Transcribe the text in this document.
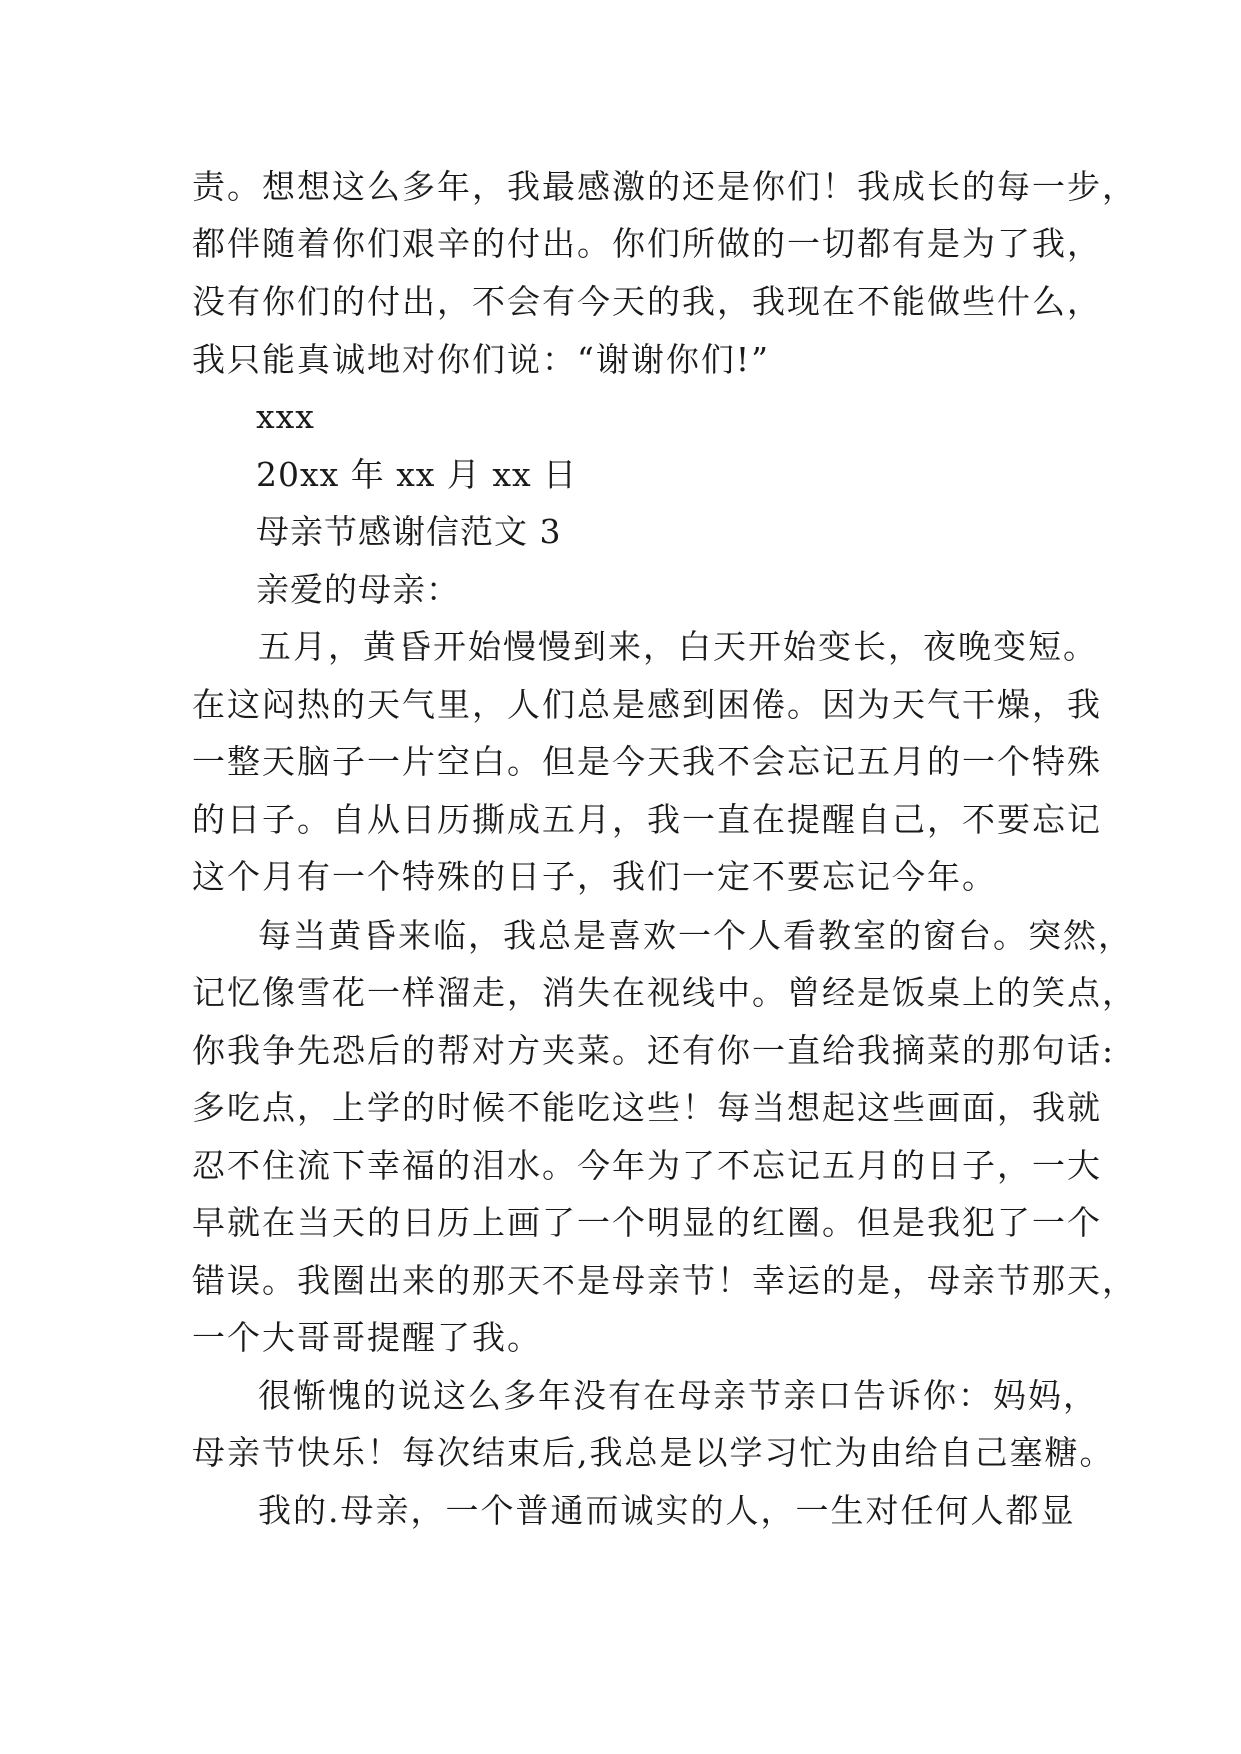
责。想想这么多年，我最感激的还是你们！我成长的每一步，
都伴随着你们艰辛的付出。你们所做的一切都有是为了我，
没有你们的付出，不会有今天的我，我现在不能做些什么，
我只能真诚地对你们说：“谢谢你们!”
xxx
20xx 年 xx 月 xx 日
母亲节感谢信范文 3
亲爱的母亲：
五月，黄昏开始慢慢到来，白天开始变长，夜晚变短。
在这闷热的天气里，人们总是感到困倦。因为天气干燥，我
一整天脑子一片空白。但是今天我不会忘记五月的一个特殊
的日子。自从日历撕成五月，我一直在提醒自己，不要忘记
这个月有一个特殊的日子，我们一定不要忘记今年。
每当黄昏来临，我总是喜欢一个人看教室的窗台。突然，
记忆像雪花一样溜走，消失在视线中。曾经是饭桌上的笑点，
你我争先恐后的帮对方夹菜。还有你一直给我摘菜的那句话:
多吃点，上学的时候不能吃这些！每当想起这些画面，我就
忍不住流下幸福的泪水。今年为了不忘记五月的日子，一大
早就在当天的日历上画了一个明显的红圈。但是我犯了一个
错误。我圈出来的那天不是母亲节！幸运的是，母亲节那天，
一个大哥哥提醒了我。
很惭愧的说这么多年没有在母亲节亲口告诉你：妈妈，
母亲节快乐！每次结束后,我总是以学习忙为由给自己塞糖。
我的.母亲，一个普通而诚实的人，一生对任何人都显
